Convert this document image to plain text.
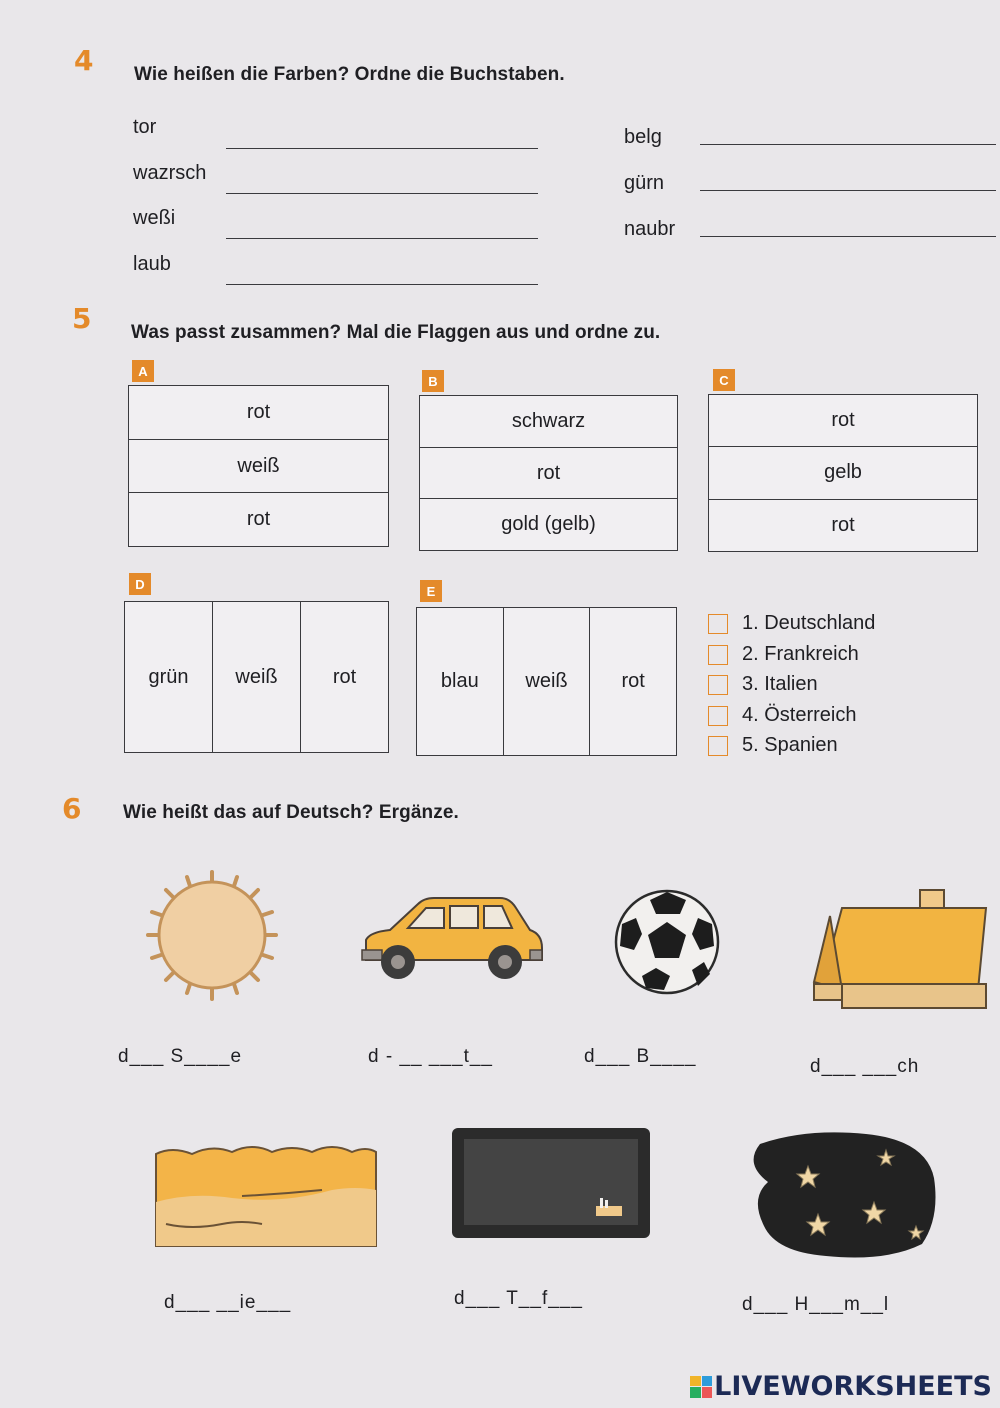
4 Wie heißen die Farben? Ordne die Buchstaben.
tor
wazrsch
weßi
laub
belg
gürn
naubr
5 Was passt zusammen? Mal die Flaggen aus und ordne zu.
A
rot
weiß
rot
B
schwarz
rot
gold (gelb)
C
rot
gelb
rot
D
grün	weiß	rot
E
blau	weiß	rot
1. Deutschland
2. Frankreich
3. Italien
4. Österreich
5. Spanien
6 Wie heißt das auf Deutsch? Ergänze.
d___ S____e	d - __ ___t__	d___ B____	d___ ___ch
d___ __ie___	d___ T__f___	d___ H___m__l
LIVEWORKSHEETS
